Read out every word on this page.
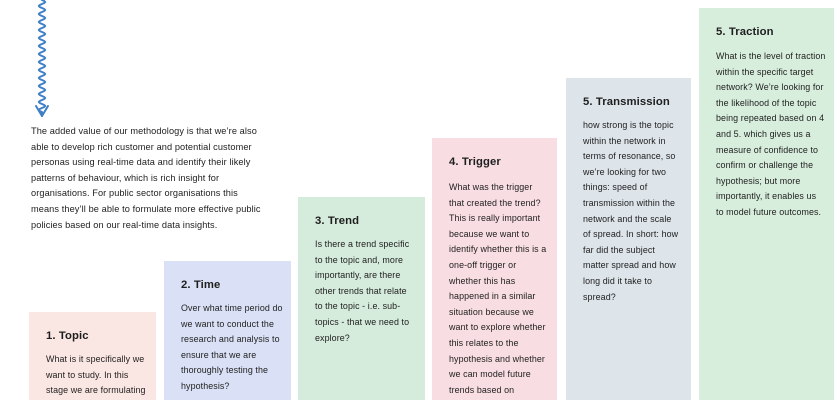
The added value of our methodology is that we’re also able to develop rich customer and potential customer personas using real-time data and identify their likely patterns of behaviour, which is rich insight for organisations. For public sector organisations this means they’ll be able to formulate more effective public policies based on our real-time data insights.

1. Topic

What is it specifically we want to study. In this stage we are formulating

2. Time

Over what time period do we want to conduct the research and analysis to ensure that we are thoroughly testing the hypothesis?

3. Trend

Is there a trend specific to the topic and, more importantly, are there other trends that relate to the topic - i.e. sub-topics - that we need to explore?

4. Trigger

What was the trigger that created the trend? This is really important because we want to identify whether this is a one-off trigger or whether this has happened in a similar situation because we want to explore whether this relates to the hypothesis and whether we can model future trends based on

5. Transmission

how strong is the topic within the network in terms of resonance, so we’re looking for two things: speed of transmission within the network and the scale of spread. In short: how far did the subject matter spread and how long did it take to spread?

5. Traction

What is the level of traction within the specific target network? We’re looking for the likelihood of the topic being repeated based on 4 and 5. which gives us a measure of confidence to confirm or challenge the hypothesis; but more importantly, it enables us to model future outcomes.
